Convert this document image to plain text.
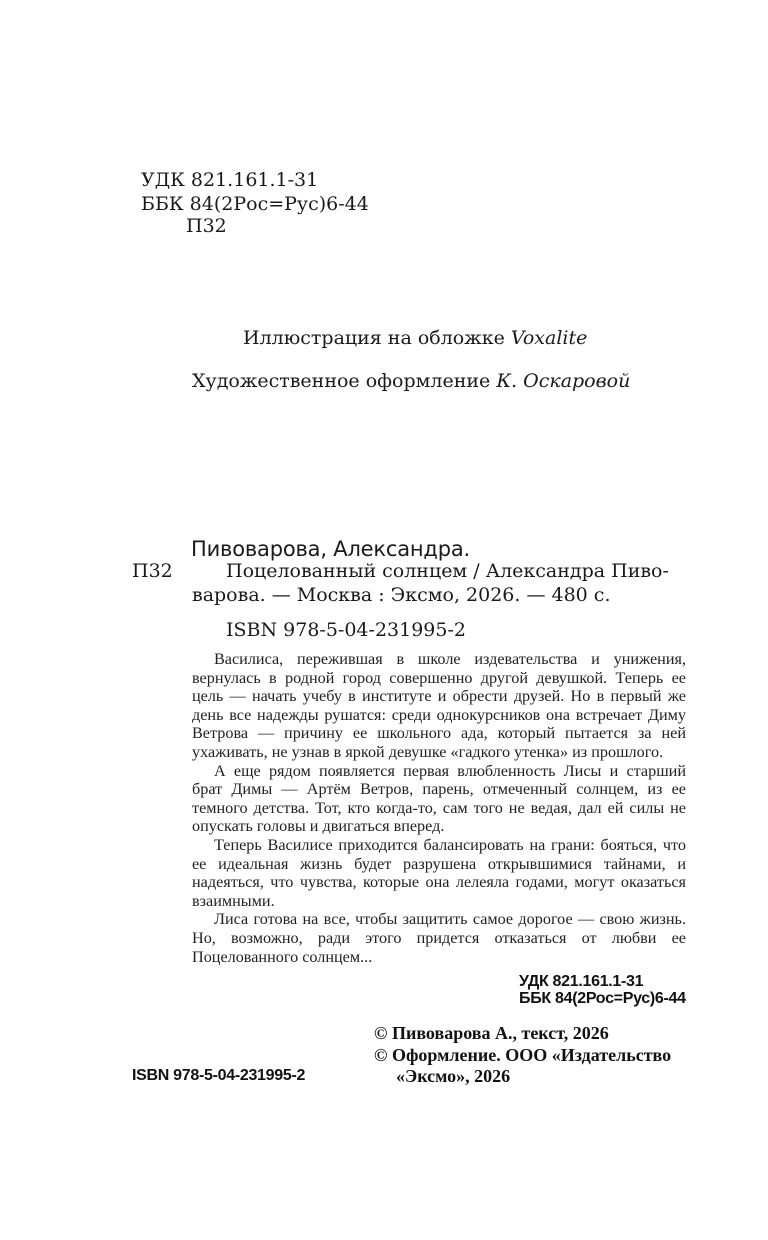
УДК 821.161.1-31
ББК 84(2Рос=Рус)6-44
П32
Иллюстрация на обложке Voxalite
Художественное оформление К. Оскаровой
Пивоварова, Александра.
П32	Поцелованный солнцем / Александра Пиво-
варова. — Москва : Эксмо, 2026. — 480 с.
ISBN 978-5-04-231995-2

Василиса, пережившая в школе издевательства и унижения, вернулась в родной город совершенно другой девушкой. Теперь ее цель — начать учебу в институте и обрести друзей. Но в первый же день все надежды рушатся: среди однокурсников она встречает Диму Ветрова — причину ее школьного ада, который пытается за ней ухаживать, не узнав в яркой девушке «гадкого утенка» из прошлого.

А еще рядом появляется первая влюбленность Лисы и старший брат Димы — Артём Ветров, парень, отмеченный солнцем, из ее темного детства. Тот, кто когда-то, сам того не ведая, дал ей силы не опускать головы и двигаться вперед.

Теперь Василисе приходится балансировать на грани: бояться, что ее идеальная жизнь будет разрушена открывшимися тайнами, и надеяться, что чувства, которые она лелеяла годами, могут оказаться взаимными.

Лиса готова на все, чтобы защитить самое дорогое — свою жизнь. Но, возможно, ради этого придется отказаться от любви ее Поцелованного солнцем...

УДК 821.161.1-31
ББК 84(2Рос=Рус)6-44
© Пивоварова А., текст, 2026
© Оформление. ООО «Издательство
ISBN 978-5-04-231995-2	«Эксмо», 2026
